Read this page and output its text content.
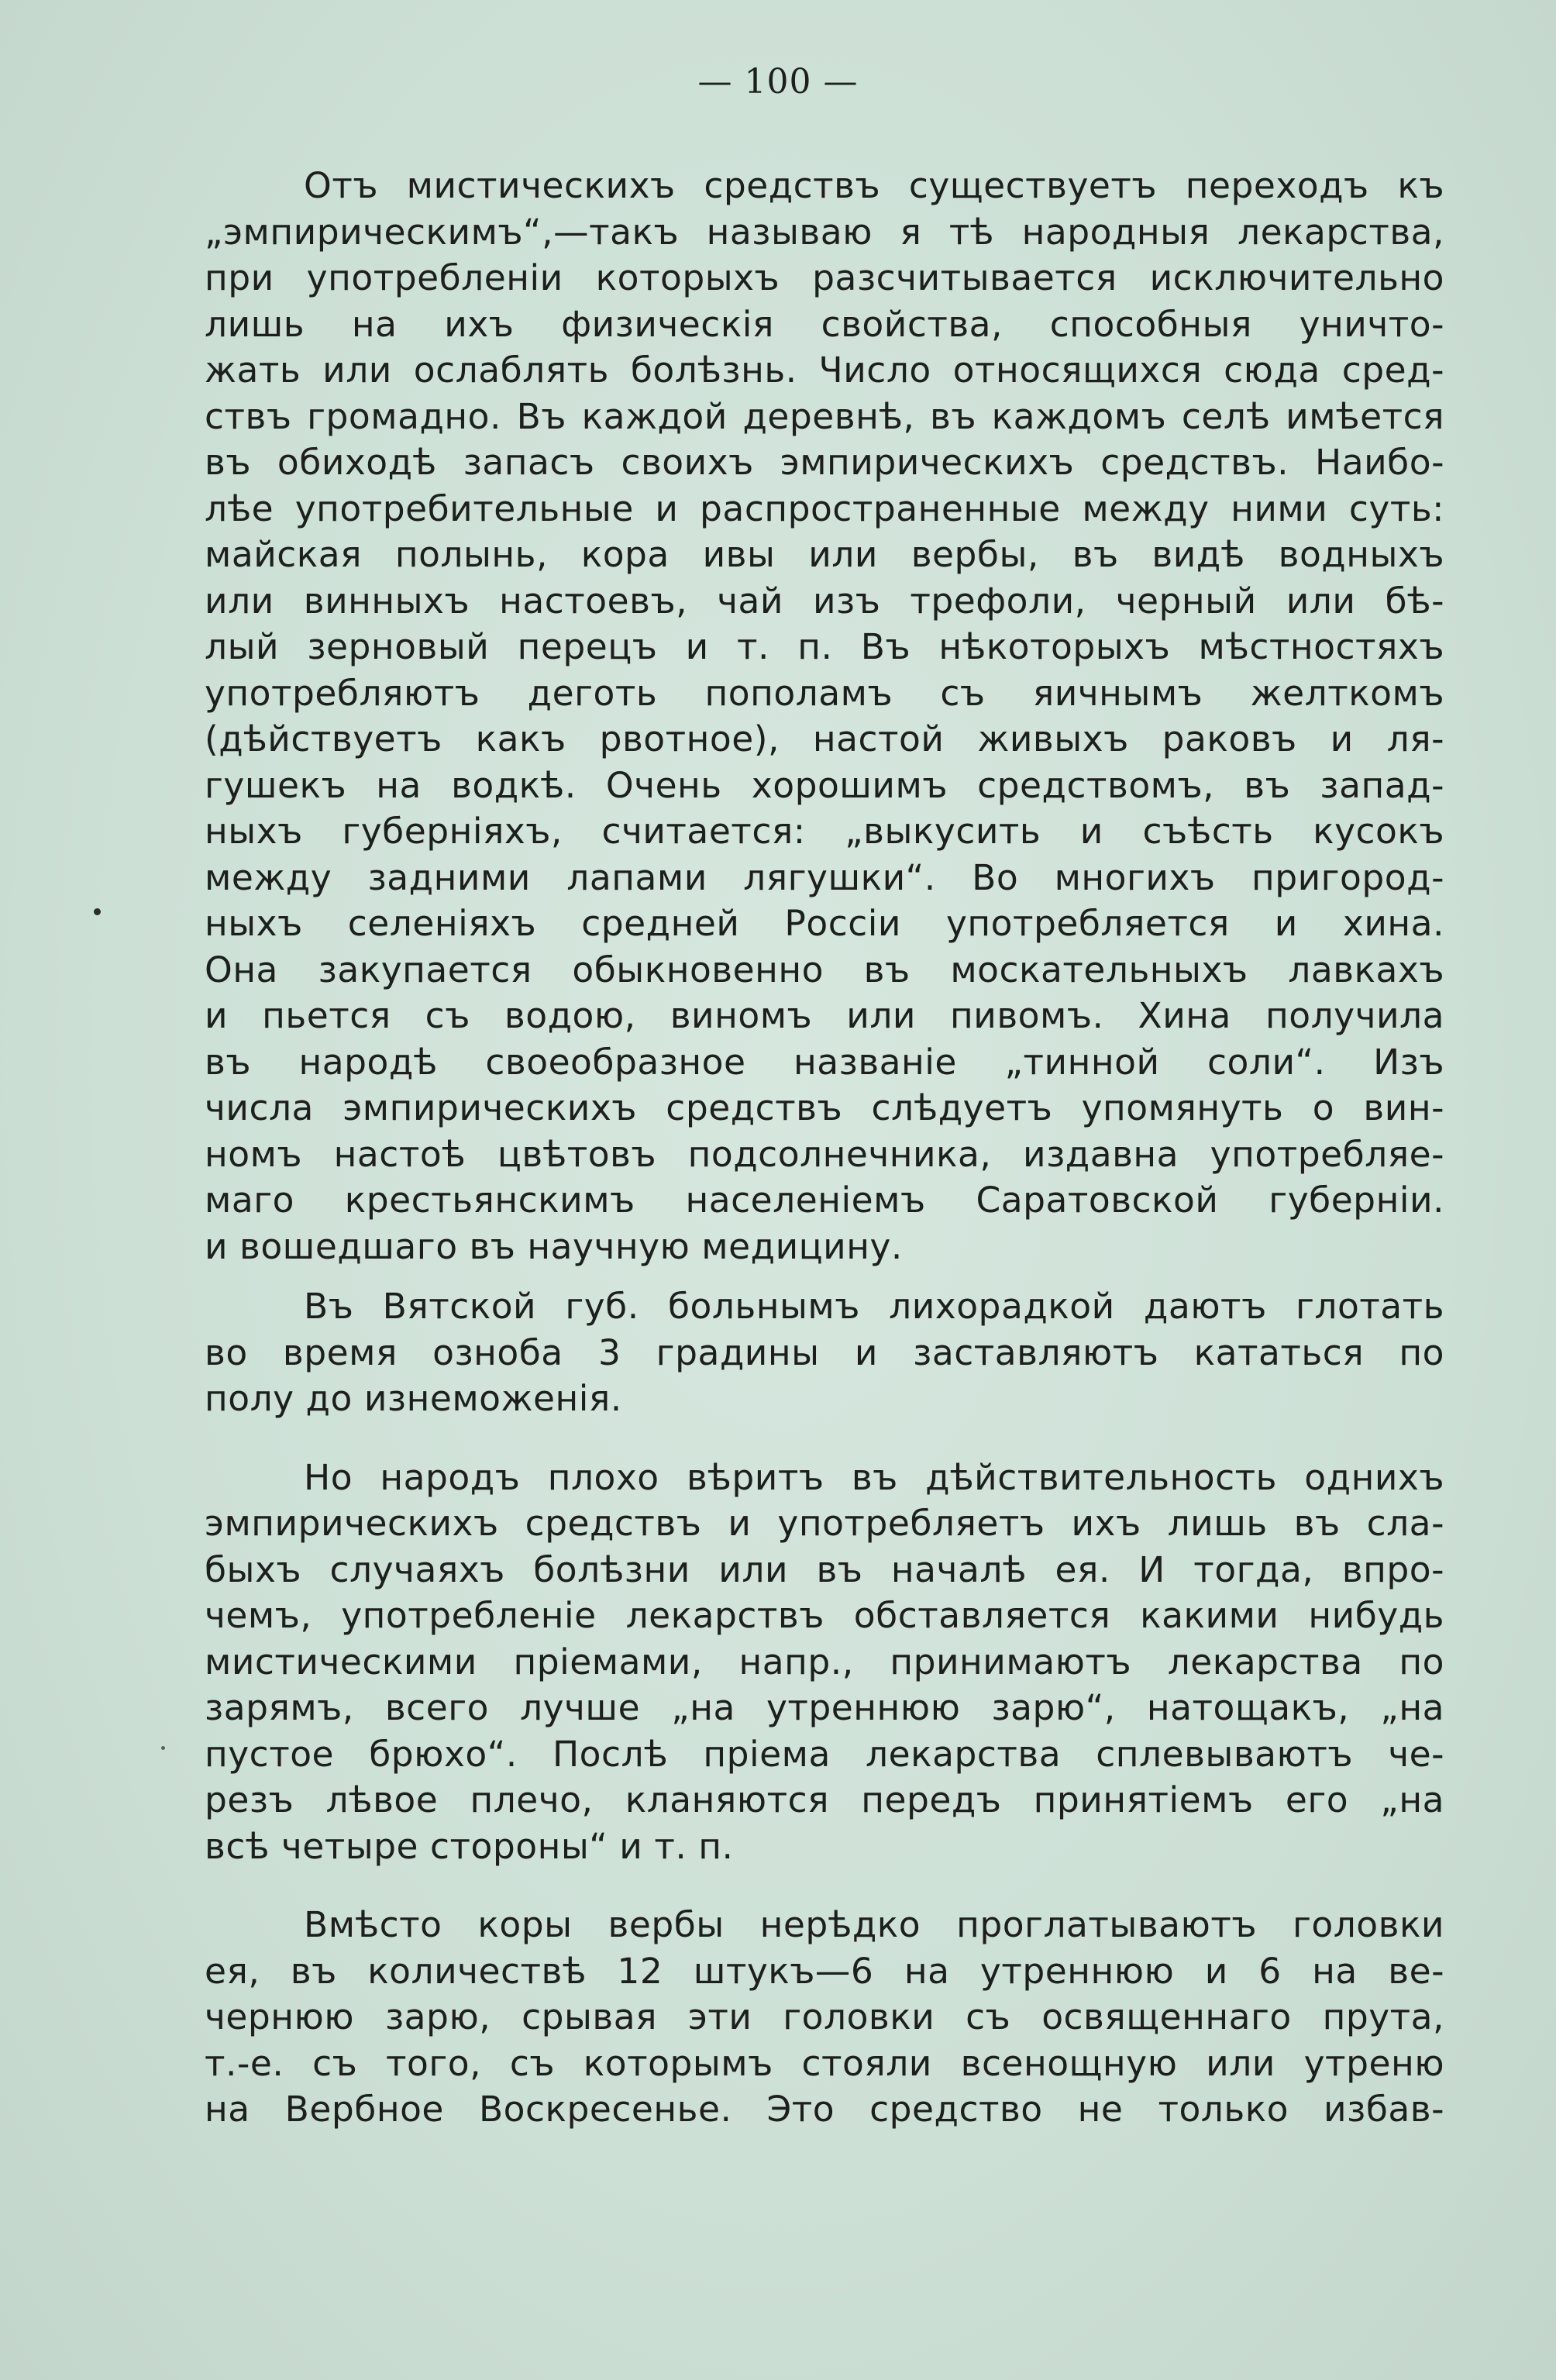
— 100 —

Отъ мистическихъ средствъ существуетъ переходъ къ
„эмпирическимъ“,—такъ называю я тѣ народныя лекарства,
при употребленіи которыхъ разсчитывается исключительно
лишь на ихъ физическія свойства, способныя уничто-
жать или ослаблять болѣзнь. Число относящихся сюда сред-
ствъ громадно. Въ каждой деревнѣ, въ каждомъ селѣ имѣется
въ обиходѣ запасъ своихъ эмпирическихъ средствъ. Наибо-
лѣе употребительные и распространенные между ними суть:
майская полынь, кора ивы или вербы, въ видѣ водныхъ
или винныхъ настоевъ, чай изъ трефоли, черный или бѣ-
лый зерновый перецъ и т. п. Въ нѣкоторыхъ мѣстностяхъ
употребляютъ деготь пополамъ съ яичнымъ желткомъ
(дѣйствуетъ какъ рвотное), настой живыхъ раковъ и ля-
гушекъ на водкѣ. Очень хорошимъ средствомъ, въ запад-
ныхъ губерніяхъ, считается: „выкусить и съѣсть кусокъ
между задними лапами лягушки“. Во многихъ пригород-
ныхъ селеніяхъ средней Россіи употребляется и хина.
Она закупается обыкновенно въ москательныхъ лавкахъ
и пьется съ водою, виномъ или пивомъ. Хина получила
въ народѣ своеобразное названіе „тинной соли“. Изъ
числа эмпирическихъ средствъ слѣдуетъ упомянуть о вин-
номъ настоѣ цвѣтовъ подсолнечника, издавна употребляе-
маго крестьянскимъ населеніемъ Саратовской губерніи.
и вошедшаго въ научную медицину.

Въ Вятской губ. больнымъ лихорадкой даютъ глотать
во время озноба 3 градины и заставляютъ кататься по
полу до изнеможенія.

Но народъ плохо вѣритъ въ дѣйствительность однихъ
эмпирическихъ средствъ и употребляетъ ихъ лишь въ сла-
быхъ случаяхъ болѣзни или въ началѣ ея. И тогда, впро-
чемъ, употребленіе лекарствъ обставляется какими нибудь
мистическими пріемами, напр., принимаютъ лекарства по
зарямъ, всего лучше „на утреннюю зарю“, натощакъ, „на
пустое брюхо“. Послѣ пріема лекарства сплевываютъ че-
резъ лѣвое плечо, кланяются передъ принятіемъ его „на
всѣ четыре стороны“ и т. п.

Вмѣсто коры вербы нерѣдко проглатываютъ головки
ея, въ количествѣ 12 штукъ—6 на утреннюю и 6 на ве-
чернюю зарю, срывая эти головки съ освященнаго прута,
т.-е. съ того, съ которымъ стояли всенощную или утреню
на Вербное Воскресенье. Это средство не только избав-
